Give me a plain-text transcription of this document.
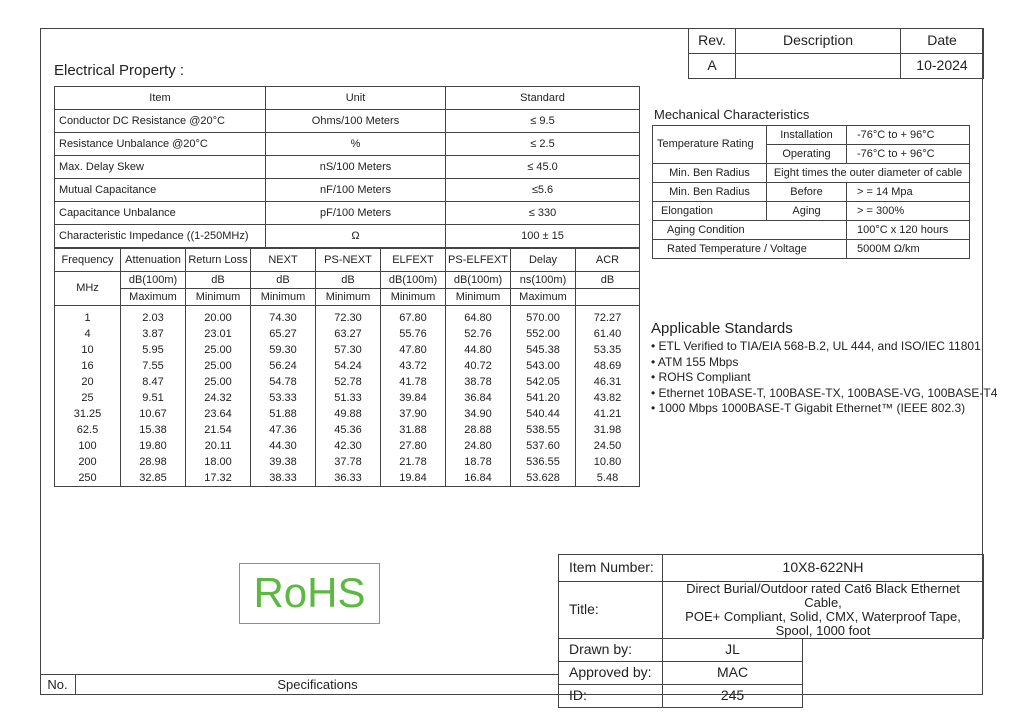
Rev.	Description	Date
A		10-2024
Electrical Property :
Item	Unit	Standard
Conductor DC Resistance @20°C	Ohms/100 Meters	≤ 9.5
Resistance Unbalance @20°C	%	≤ 2.5
Max. Delay Skew	nS/100 Meters	≤ 45.0
Mutual Capacitance	nF/100 Meters	≤5.6
Capacitance Unbalance	pF/100 Meters	≤ 330
Characteristic Impedance ((1-250MHz)	Ω	100 ± 15
Frequency	Attenuation	Return Loss	NEXT	PS-NEXT	ELFEXT	PS-ELFEXT	Delay	ACR
MHz	dB(100m)	dB	dB	dB	dB(100m)	dB(100m)	ns(100m)	dB
	Maximum	Minimum	Minimum	Minimum	Minimum	Minimum	Maximum	
1	2.03	20.00	74.30	72.30	67.80	64.80	570.00	72.27
4	3.87	23.01	65.27	63.27	55.76	52.76	552.00	61.40
10	5.95	25.00	59.30	57.30	47.80	44.80	545.38	53.35
16	7.55	25.00	56.24	54.24	43.72	40.72	543.00	48.69
20	8.47	25.00	54.78	52.78	41.78	38.78	542.05	46.31
25	9.51	24.32	53.33	51.33	39.84	36.84	541.20	43.82
31.25	10.67	23.64	51.88	49.88	37.90	34.90	540.44	41.21
62.5	15.38	21.54	47.36	45.36	31.88	28.88	538.55	31.98
100	19.80	20.11	44.30	42.30	27.80	24.80	537.60	24.50
200	28.98	18.00	39.38	37.78	21.78	18.78	536.55	10.80
250	32.85	17.32	38.33	36.33	19.84	16.84	53.628	5.48
Mechanical Characteristics
Temperature Rating	Installation	-76°C to + 96°C
	Operating	-76°C to + 96°C
Min. Ben Radius	Eight times the outer diameter of cable	
Min. Ben Radius	Before	> = 14 Mpa
Elongation	Aging	> = 300%
Aging Condition		100°C x 120 hours
Rated Temperature / Voltage		5000M Ω/km
Applicable Standards
• ETL Verified to TIA/EIA 568-B.2, UL 444, and ISO/IEC 11801
• ATM 155 Mbps
• ROHS Compliant
• Ethernet 10BASE-T, 100BASE-TX, 100BASE-VG, 100BASE-T4
• 1000 Mbps 1000BASE-T Gigabit Ethernet™ (IEEE 802.3)
RoHS
Item Number:	10X8-622NH	
Title:	Direct Burial/Outdoor rated Cat6 Black Ethernet Cable,
POE+ Compliant, Solid, CMX, Waterproof Tape,
Spool, 1000 foot	

Drawn by:	JL	
Approved by:	MAC	
ID:	245	
No.	Specifications
